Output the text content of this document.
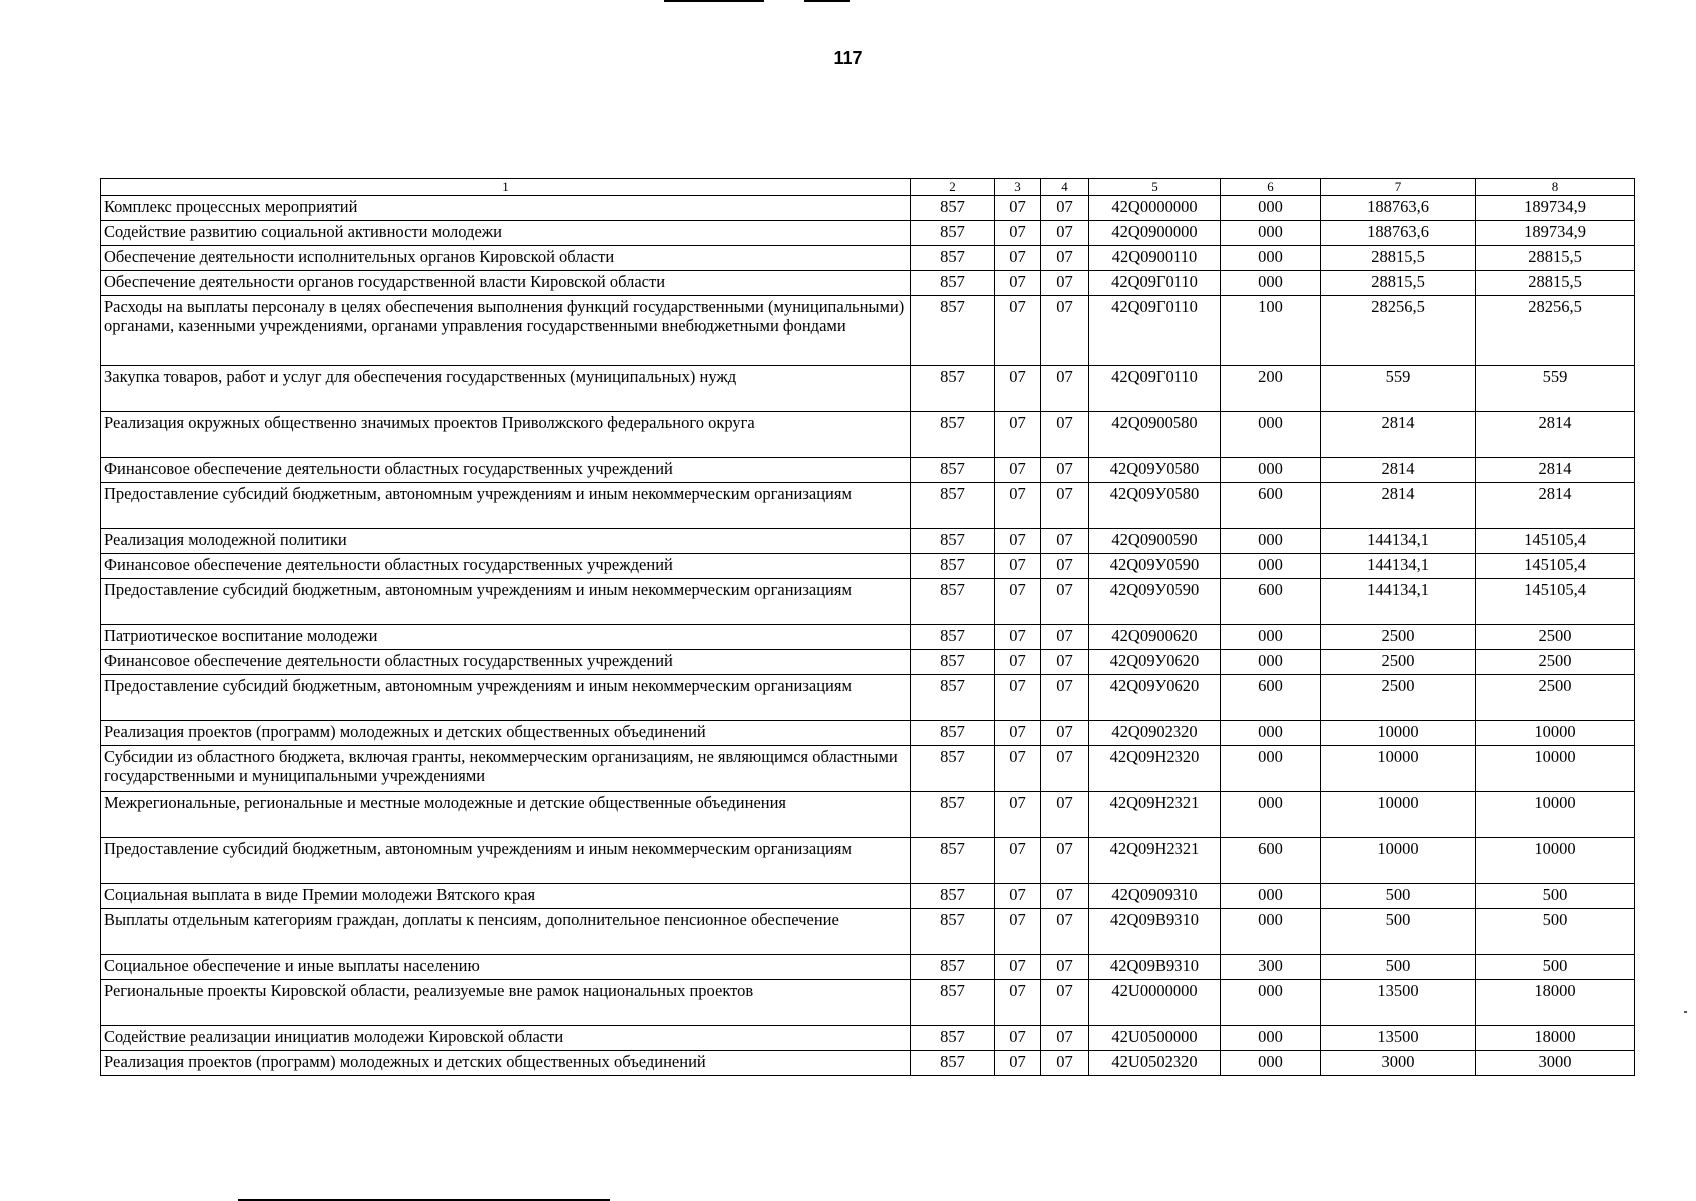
117
1	2	3	4	5	6	7	8
Комплекс процессных мероприятий	857	07	07	42Q0000000	000	188763,6	189734,9
Содействие развитию социальной активности молодежи	857	07	07	42Q0900000	000	188763,6	189734,9
Обеспечение деятельности исполнительных органов Кировской области	857	07	07	42Q0900110	000	28815,5	28815,5
Обеспечение деятельности органов государственной власти Кировской области	857	07	07	42Q09Г0110	000	28815,5	28815,5
Расходы на выплаты персоналу в целях обеспечения выполнения функций государственными (муниципальными) органами, казенными учреждениями, органами управления государственными внебюджетными фондами	857	07	07	42Q09Г0110	100	28256,5	28256,5
Закупка товаров, работ и услуг для обеспечения государственных (муниципальных) нужд	857	07	07	42Q09Г0110	200	559	559
Реализация окружных общественно значимых проектов Приволжского федерального округа	857	07	07	42Q0900580	000	2814	2814
Финансовое обеспечение деятельности областных государственных учреждений	857	07	07	42Q09У0580	000	2814	2814
Предоставление субсидий бюджетным, автономным учреждениям и иным некоммерческим организациям	857	07	07	42Q09У0580	600	2814	2814
Реализация молодежной политики	857	07	07	42Q0900590	000	144134,1	145105,4
Финансовое обеспечение деятельности областных государственных учреждений	857	07	07	42Q09У0590	000	144134,1	145105,4
Предоставление субсидий бюджетным, автономным учреждениям и иным некоммерческим организациям	857	07	07	42Q09У0590	600	144134,1	145105,4
Патриотическое воспитание молодежи	857	07	07	42Q0900620	000	2500	2500
Финансовое обеспечение деятельности областных государственных учреждений	857	07	07	42Q09У0620	000	2500	2500
Предоставление субсидий бюджетным, автономным учреждениям и иным некоммерческим организациям	857	07	07	42Q09У0620	600	2500	2500
Реализация проектов (программ) молодежных и детских общественных объединений	857	07	07	42Q0902320	000	10000	10000
Субсидии из областного бюджета, включая гранты, некоммерческим организациям, не являющимся областными государственными и муниципальными учреждениями	857	07	07	42Q09Н2320	000	10000	10000
Межрегиональные, региональные и местные молодежные и детские общественные объединения	857	07	07	42Q09Н2321	000	10000	10000
Предоставление субсидий бюджетным, автономным учреждениям и иным некоммерческим организациям	857	07	07	42Q09Н2321	600	10000	10000
Социальная выплата в виде Премии молодежи Вятского края	857	07	07	42Q0909310	000	500	500
Выплаты отдельным категориям граждан, доплаты к пенсиям, дополнительное пенсионное обеспечение	857	07	07	42Q09В9310	000	500	500
Социальное обеспечение и иные выплаты населению	857	07	07	42Q09В9310	300	500	500
Региональные проекты Кировской области, реализуемые вне рамок национальных проектов	857	07	07	42U0000000	000	13500	18000
Содействие реализации инициатив молодежи Кировской области	857	07	07	42U0500000	000	13500	18000
Реализация проектов (программ) молодежных и детских общественных объединений	857	07	07	42U0502320	000	3000	3000
